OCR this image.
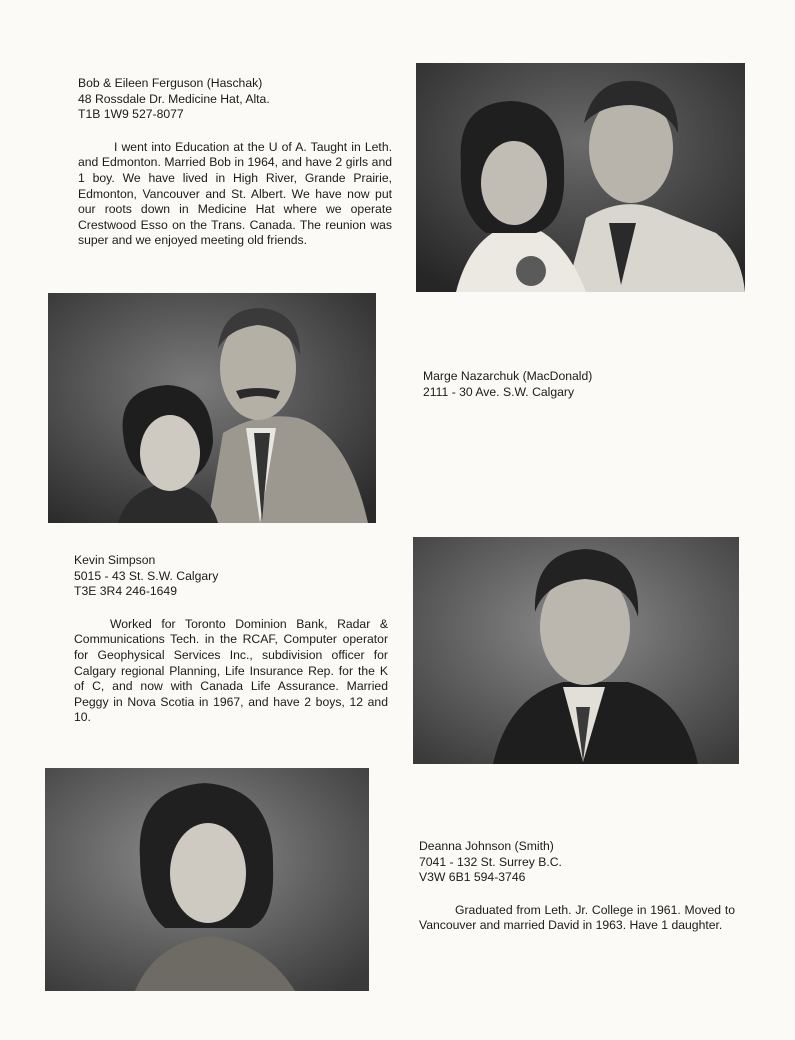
Bob & Eileen Ferguson (Haschak)
48 Rossdale Dr. Medicine Hat, Alta.
T1B 1W9 527-8077
I went into Education at the U of A. Taught in Leth. and Edmonton. Married Bob in 1964, and have 2 girls and 1 boy. We have lived in High River, Grande Prairie, Edmonton, Vancouver and St. Albert. We have now put our roots down in Medicine Hat where we operate Crestwood Esso on the Trans. Canada. The reunion was super and we enjoyed meeting old friends.
Marge Nazarchuk (MacDonald)
2111 - 30 Ave. S.W. Calgary
Kevin Simpson
5015 - 43 St. S.W. Calgary
T3E 3R4 246-1649
Worked for Toronto Dominion Bank, Radar & Communications Tech. in the RCAF, Computer operator for Geophysical Services Inc., subdivision officer for Calgary regional Planning, Life Insurance Rep. for the K of C, and now with Canada Life Assurance. Married Peggy in Nova Scotia in 1967, and have 2 boys, 12 and 10.
Deanna Johnson (Smith)
7041 - 132 St. Surrey B.C.
V3W 6B1 594-3746
Graduated from Leth. Jr. College in 1961. Moved to Vancouver and married David in 1963. Have 1 daughter.
